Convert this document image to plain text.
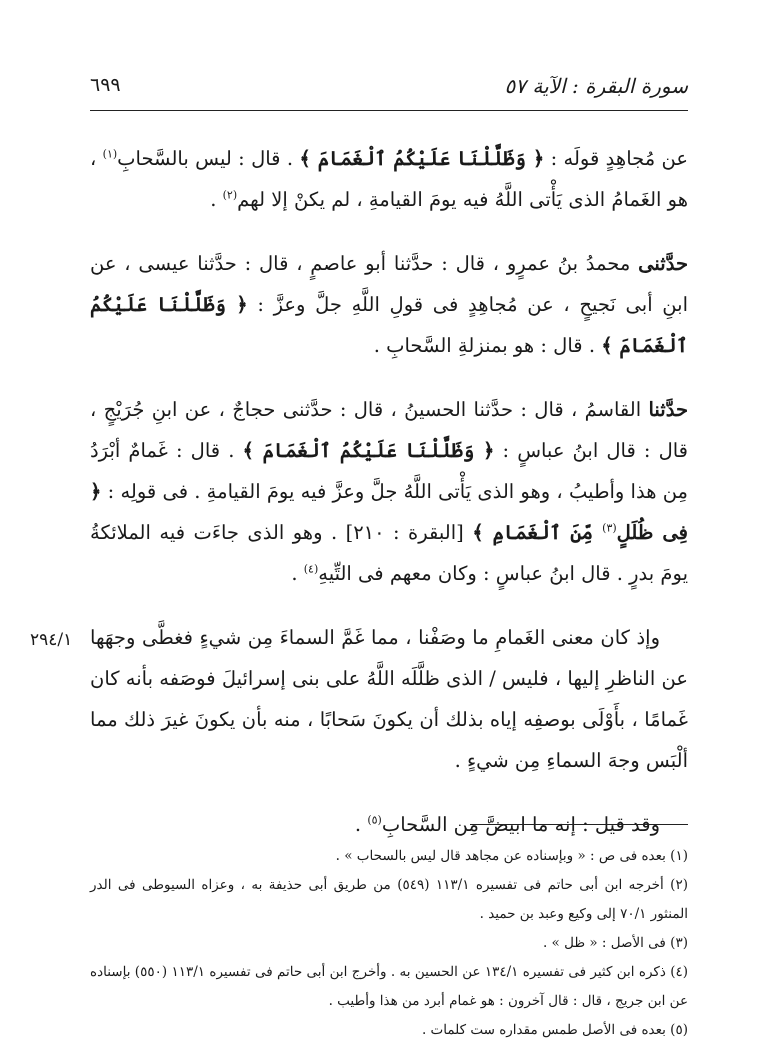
سورة البقرة : الآية ٥٧
٦٩٩
٢٩٤/١

عن مُجاهِدٍ قولَه : ﴿ وَظَلَّلْنَا عَلَيْكُمُ ٱلْغَمَامَ ﴾ . قال : ليس بالسَّحابِ$^{(١)}$ ، هو الغَمامُ الذى يَأْتى اللَّهُ فيه يومَ القيامةِ ، لم يكنْ إلا لهم$^{(٢)}$ .

حدَّثنى محمدُ بنُ عمرٍو ، قال : حدَّثنا أبو عاصمٍ ، قال : حدَّثنا عيسى ، عن ابنِ أبى نَجيحٍ ، عن مُجاهِدٍ فى قولِ اللَّهِ جلَّ وعزَّ : ﴿ وَظَلَّلْنَا عَلَيْكُمُ ٱلْغَمَامَ ﴾ . قال : هو بمنزلةِ السَّحابِ .

حدَّثنا القاسمُ ، قال : حدَّثنا الحسينُ ، قال : حدَّثنى حجاجٌ ، عن ابنِ جُرَيْجٍ ، قال : قال ابنُ عباسٍ : ﴿ وَظَلَّلْنَا عَلَيْكُمُ ٱلْغَمَامَ ﴾ . قال : غَمامٌ أبْرَدُ مِن هذا وأطيبُ ، وهو الذى يَأْتى اللَّهُ جلَّ وعزَّ فيه يومَ القيامةِ . فى قولِه : ﴿ فِى ظُلَلٍ$^{(٣)}$ مِّنَ ٱلْغَمَامِ ﴾ [البقرة : ٢١٠] . وهو الذى جاءَت فيه الملائكةُ يومَ بدرٍ . قال ابنُ عباسٍ : وكان معهم فى التِّيهِ$^{(٤)}$ .

وإذ كان معنى الغَمامِ ما وصَفْنا ، مما غَمَّ السماءَ مِن شيءٍ فغطَّى وجهَها عن الناظرِ إليها ، فليس / الذى ظلَّلَه اللَّهُ على بنى إسرائيلَ فوصَفه بأنه كان غَمامًا ، بأَوْلَى بوصفِه إياه بذلك أن يكونَ سَحابًا ، منه بأن يكونَ غيرَ ذلك مما ألْبَس وجهَ السماءِ مِن شيءٍ .

وقد قيل : إنه ما ابيضَّ مِن السَّحابِ$^{(٥)}$ .

(١) بعده فى ص : « وبإسناده عن مجاهد قال ليس بالسحاب » .

(٢) أخرجه ابن أبى حاتم فى تفسيره ١١٣/١ (٥٤٩) من طريق أبى حذيفة به ، وعزاه السيوطى فى الدر المنثور ٧٠/١ إلى وكيع وعبد بن حميد .

(٣) فى الأصل : « ظل » .

(٤) ذكره ابن كثير فى تفسيره ١٣٤/١ عن الحسين به . وأخرج ابن أبى حاتم فى تفسيره ١١٣/١ (٥٥٠) بإسناده عن ابن جريج ، قال : قال آخرون : هو غمام أبرد من هذا وأطيب .

(٥) بعده فى الأصل طمس مقداره ست كلمات .
